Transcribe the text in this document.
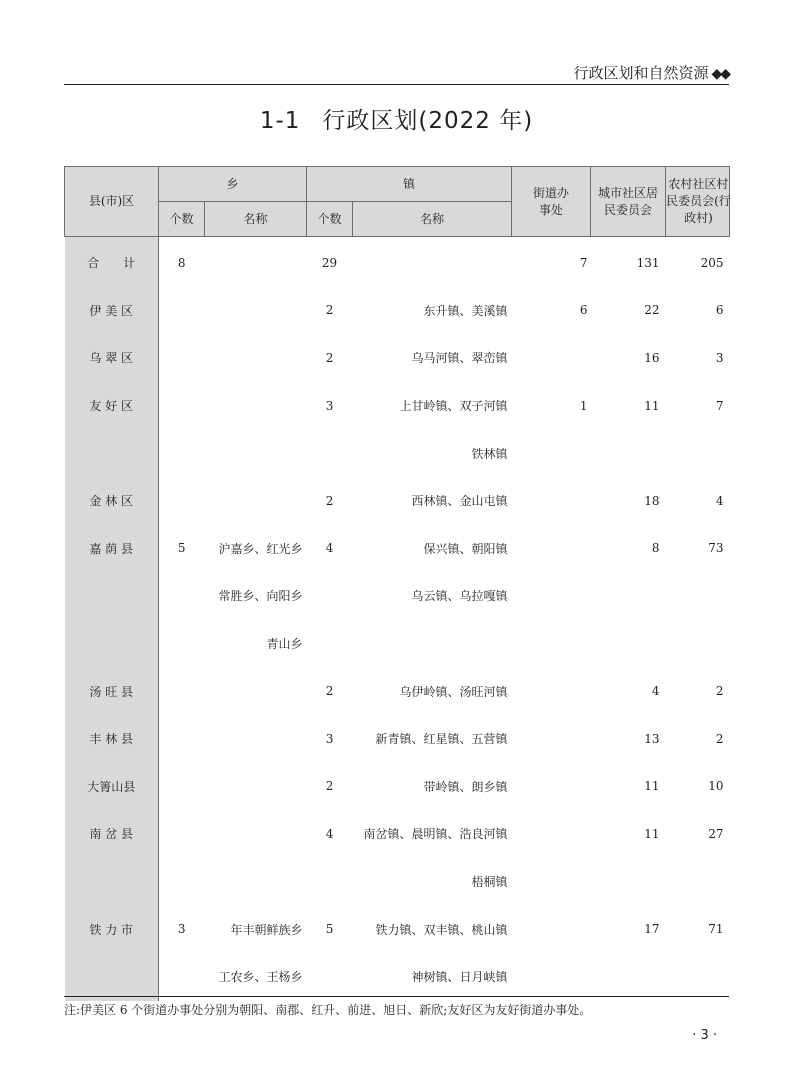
行政区划和自然资源 ◆◆
1-1 行政区划(2022 年)
县(市)区	乡		镇		街道办事处	城市社区居民委员会	农村社区村民委员会(行政村)

	个数	名称	个数	名称			
合　　计	8		29		7	131	205
伊 美 区			2	东升镇、美溪镇	6	22	6
乌 翠 区			2	乌马河镇、翠峦镇		16	3
友 好 区			3	上甘岭镇、双子河镇	1	11	7
				铁林镇			
金 林 区			2	西林镇、金山屯镇		18	4
嘉 荫 县	5	沪嘉乡、红光乡	4	保兴镇、朝阳镇		8	73
		常胜乡、向阳乡		乌云镇、乌拉嘎镇			
		青山乡					
汤 旺 县			2	乌伊岭镇、汤旺河镇		4	2
丰 林 县			3	新青镇、红星镇、五营镇		13	2
大箐山县			2	带岭镇、朗乡镇		11	10
南 岔 县			4	南岔镇、晨明镇、浩良河镇		11	27
				梧桐镇			
铁 力 市	3	年丰朝鲜族乡	5	铁力镇、双丰镇、桃山镇		17	71
		工农乡、王杨乡		神树镇、日月峡镇			
注:伊美区 6 个街道办事处分别为朝阳、南郡、红升、前进、旭日、新欣;友好区为友好街道办事处。
· 3 ·
